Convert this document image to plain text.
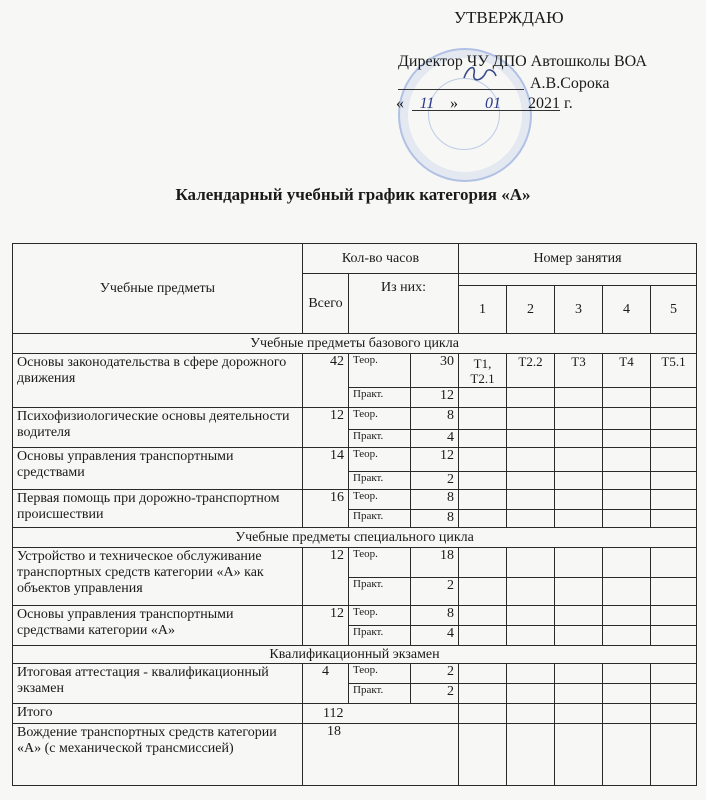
УТВЕРЖДАЮ
Директор ЧУ ДПО Автошколы ВОА
А.В.Сорока
« 11 » 01 2021 г.
Календарный учебный график категория «А»
Учебные предметы	Кол-во часов			Номер занятия				
	Всего	Из них:						
				1	2	3	4	5
Учебные предметы базового цикла								
Основы законодательства в сфере дорожного движения	42	Теор.	30	Т1, Т2.1	Т2.2	Т3	Т4	Т5.1
		Практ.	12					
Психофизиологические основы деятельности водителя	12	Теор.	8					
		Практ.	4					
Основы управления транспортными средствами	14	Теор.	12					
		Практ.	2					
Первая помощь при дорожно-транспортном происшествии	16	Теор.	8					
		Практ.	8					
Учебные предметы специального цикла								
Устройство и техническое обслуживание транспортных средств категории «А» как объектов управления	12	Теор.	18					
		Практ.	2					
Основы управления транспортными средствами категории «А»	12	Теор.	8					
		Практ.	4					
Квалификационный экзамен								
Итоговая аттестация - квалификационный экзамен	4	Теор.	2					
		Практ.	2					
Итого	112							
Вождение транспортных средств категории «А» (с механической трансмиссией)	18							
